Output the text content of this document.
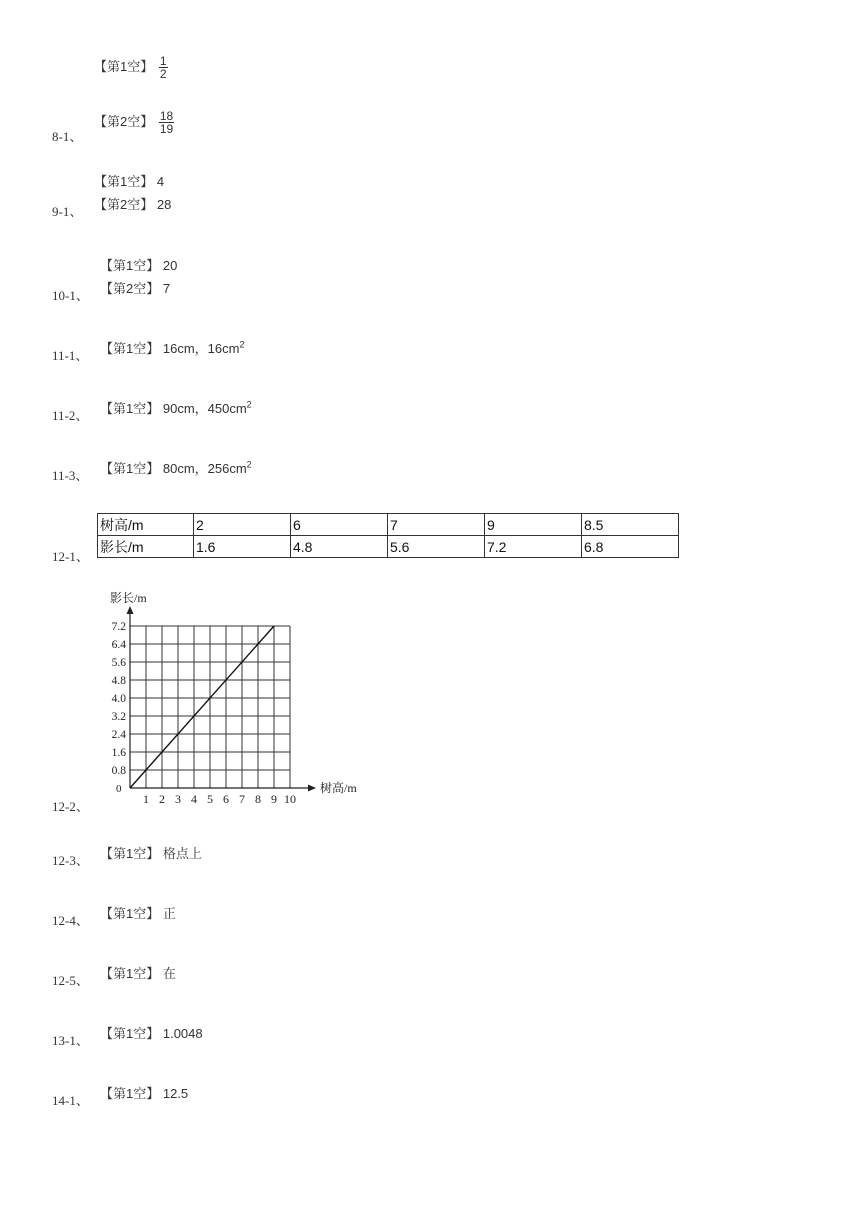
【第1空】 $\frac{1}{2}$
8-1、
【第2空】 $\frac{18}{19}$
【第1空】 4
9-1、 【第2空】 28
【第1空】 20
10-1、 【第2空】 7
11-1、 【第1空】 16cm，$16cm^2$
11-2、 【第1空】 90cm，$450cm^2$
11-3、 【第1空】 80cm，$256cm^2$
12-1、
树高/m	2	6	7	9	8.5
影长/m	1.6	4.8	5.6	7.2	6.8
12-2、	1 2 3 4 5 6 7 8 9 10
0.8
1.6
2.4
3.2
4.0
4.8
5.6
6.4
7.2
影长/m
树高/m
0
12-3、 【第1空】 格点上
12-4、 【第1空】 正
12-5、 【第1空】 在
13-1、 【第1空】 1.0048
14-1、 【第1空】 12.5
